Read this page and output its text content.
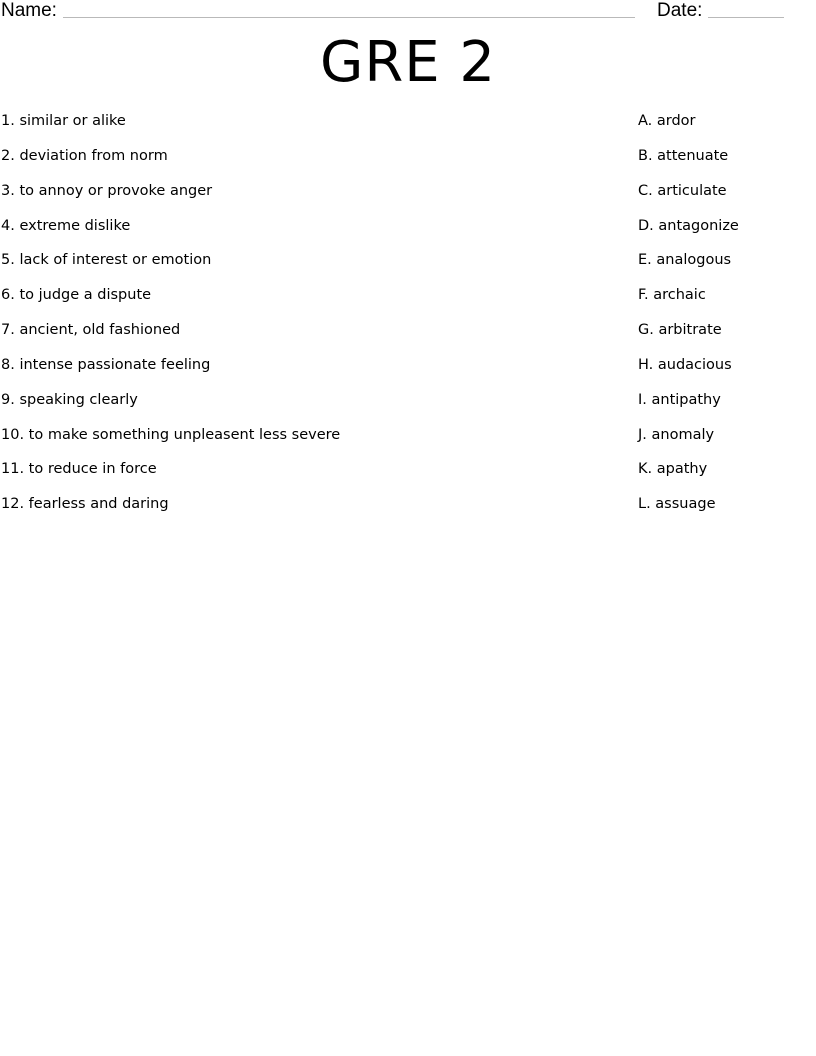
Name:	Date:
GRE 2
1. similar or alike	A. ardor
2. deviation from norm	B. attenuate
3. to annoy or provoke anger	C. articulate
4. extreme dislike	D. antagonize
5. lack of interest or emotion	E. analogous
6. to judge a dispute	F. archaic
7. ancient, old fashioned	G. arbitrate
8. intense passionate feeling	H. audacious
9. speaking clearly	I. antipathy
10. to make something unpleasent less severe	J. anomaly
11. to reduce in force	K. apathy
12. fearless and daring	L. assuage
